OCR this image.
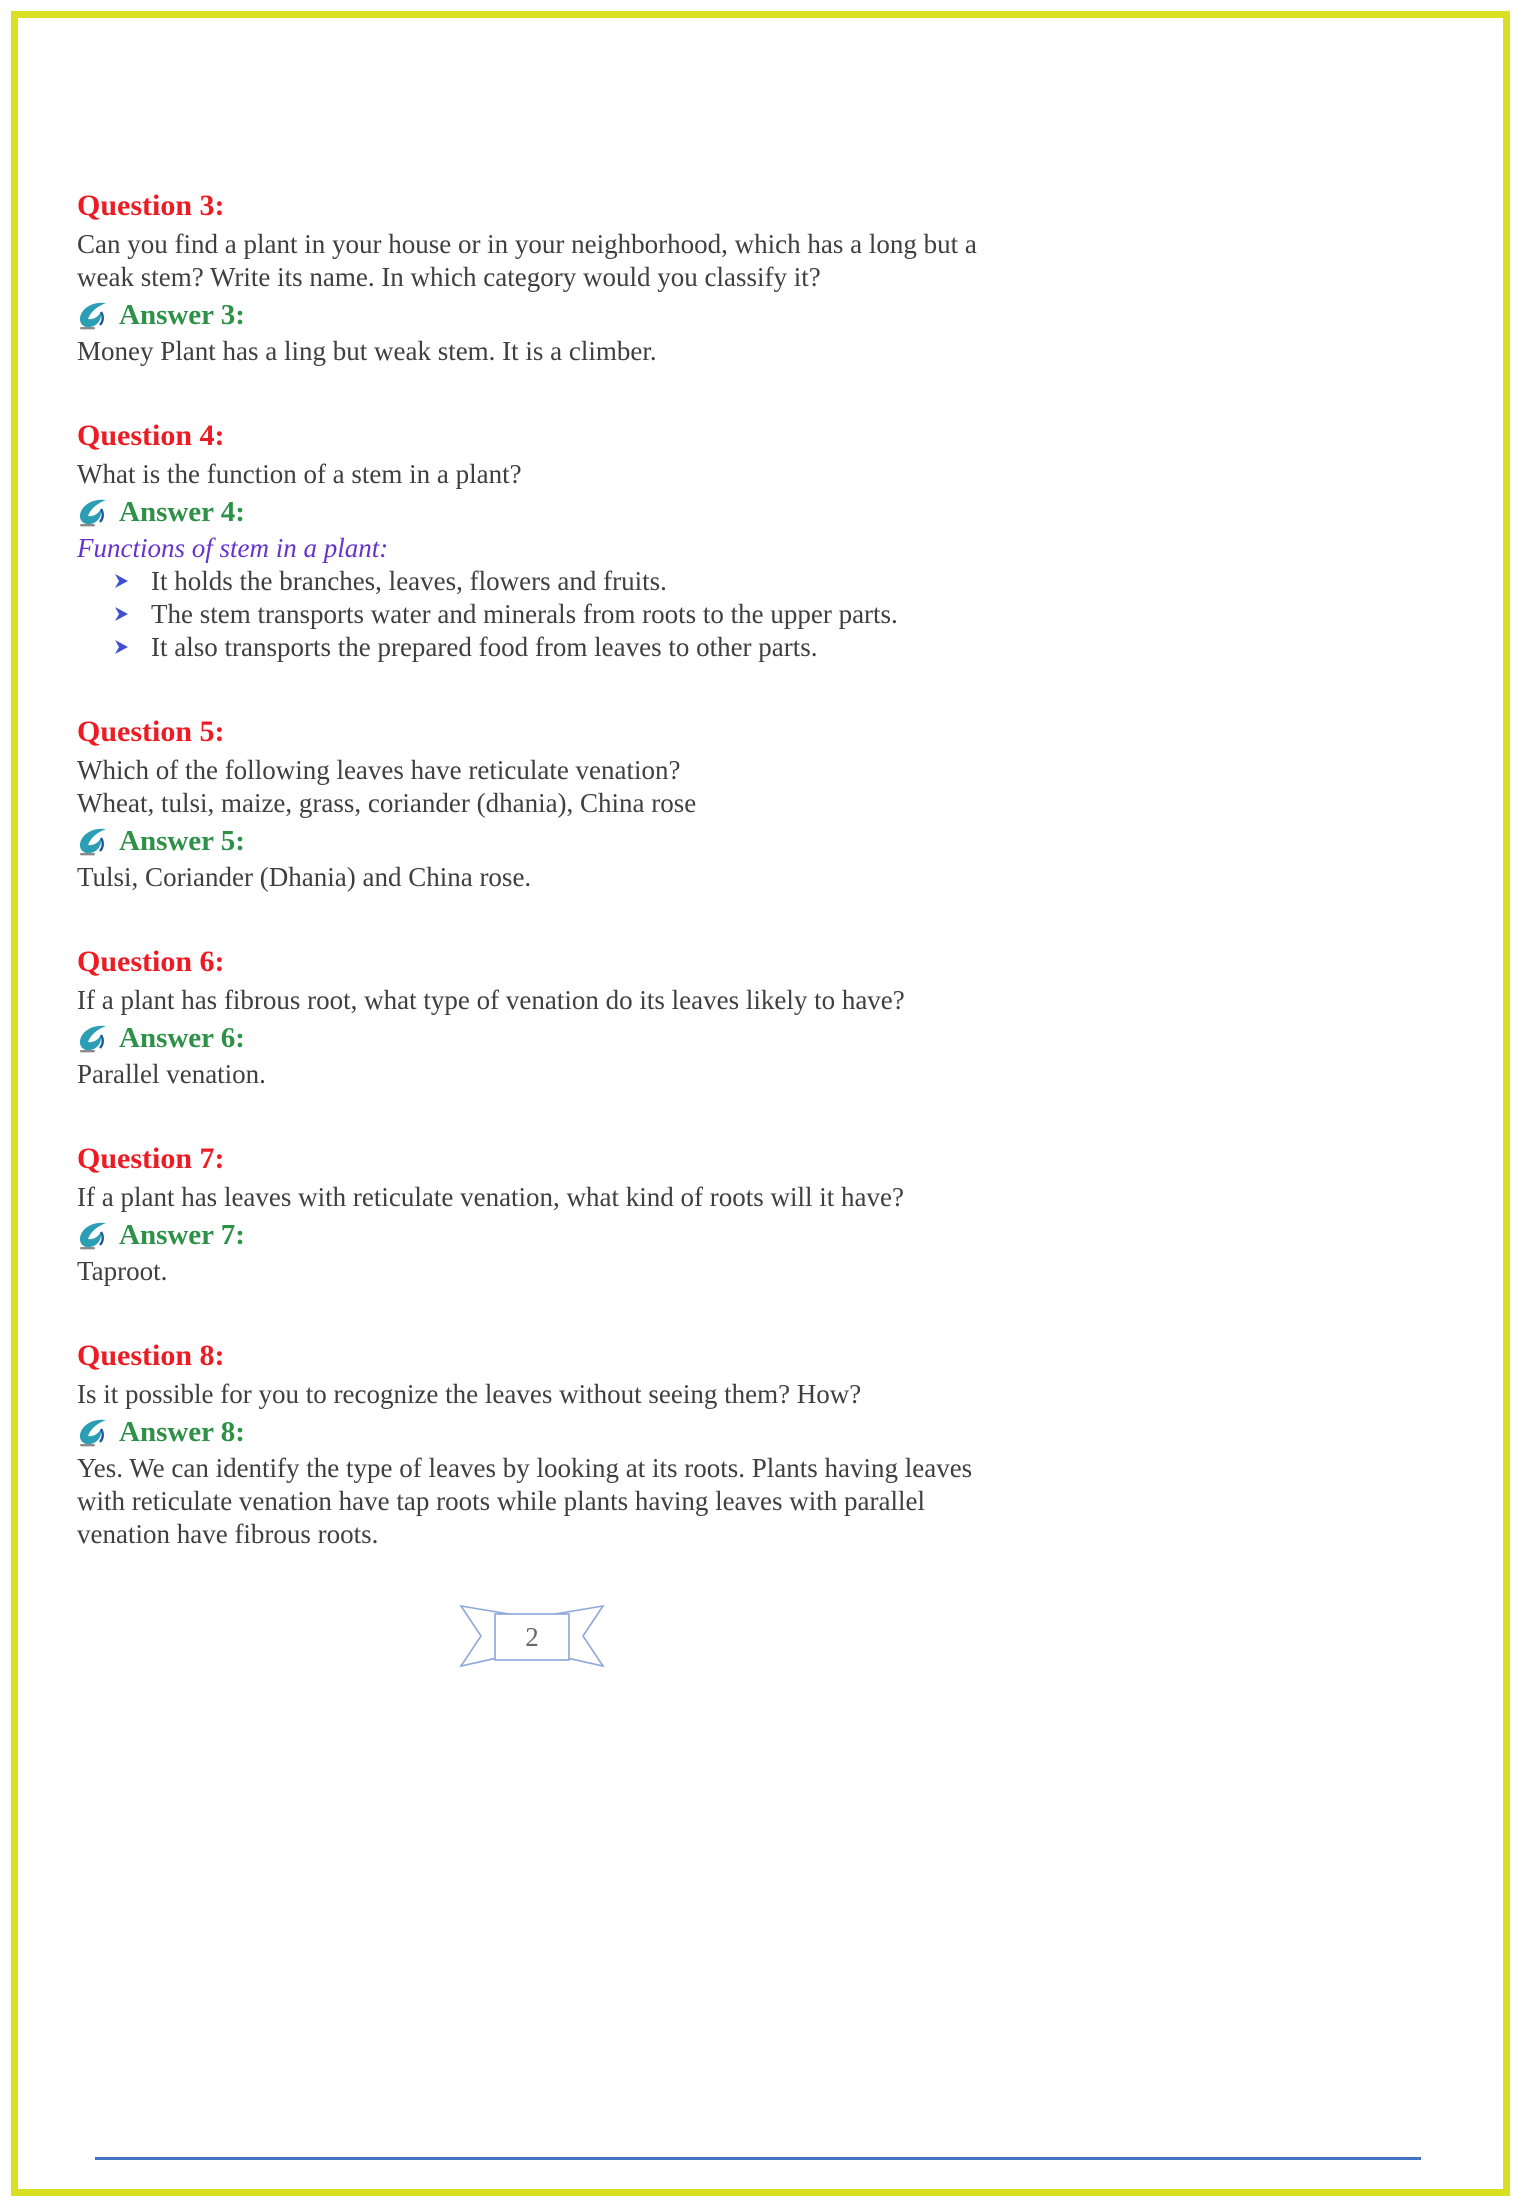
Question 3:

Can you find a plant in your house or in your neighborhood, which has a long but a weak stem? Write its name. In which category would you classify it?

Answer 3:

Money Plant has a ling but weak stem. It is a climber.

Question 4:

What is the function of a stem in a plant?

Answer 4:

Functions of stem in a plant:

It holds the branches, leaves, flowers and fruits.
The stem transports water and minerals from roots to the upper parts.
It also transports the prepared food from leaves to other parts.
Question 5:

Which of the following leaves have reticulate venation?

Wheat, tulsi, maize, grass, coriander (dhania), China rose

Answer 5:

Tulsi, Coriander (Dhania) and China rose.

Question 6:

If a plant has fibrous root, what type of venation do its leaves likely to have?

Answer 6:

Parallel venation.

Question 7:

If a plant has leaves with reticulate venation, what kind of roots will it have?

Answer 7:

Taproot.

Question 8:

Is it possible for you to recognize the leaves without seeing them? How?

Answer 8:

Yes. We can identify the type of leaves by looking at its roots. Plants having leaves with reticulate venation have tap roots while plants having leaves with parallel venation have fibrous roots.

2
